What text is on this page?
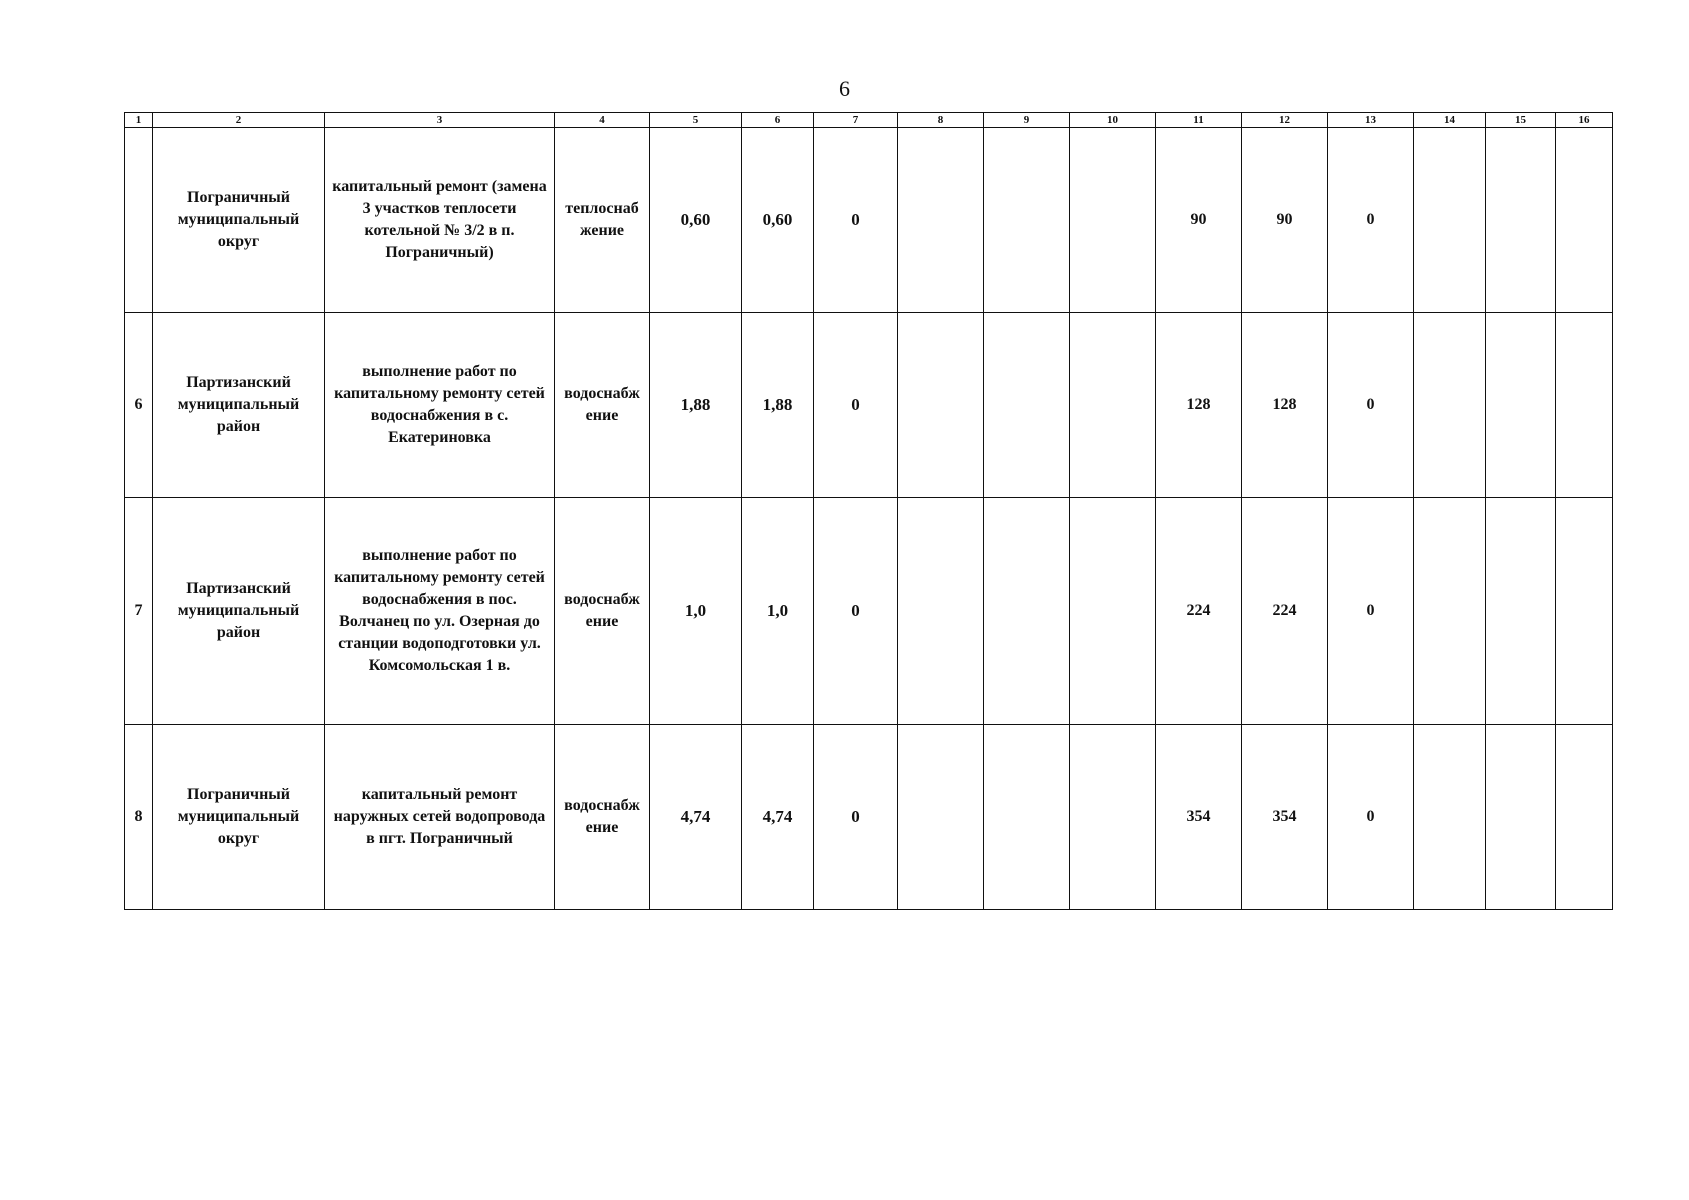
6
1	2	3	4	5	6	7	8	9	10	11	12	13	14	15	16
	Пограничный муниципальный округ	капитальный ремонт (замена 3 участков теплосети котельной № 3/2 в п. Пограничный)	теплоснаб жение	0,60	0,60	0				90	90	0			
6	Партизанский муниципальный район	выполнение работ по капитальному ремонту сетей водоснабжения в с. Екатериновка	водоснабж ение	1,88	1,88	0				128	128	0			
7	Партизанский муниципальный район	выполнение работ по капитальному ремонту сетей водоснабжения в пос. Волчанец по ул. Озерная до станции водоподготовки ул. Комсомольская 1 в.	водоснабж ение	1,0	1,0	0				224	224	0			
8	Пограничный муниципальный округ	капитальный ремонт наружных сетей водопровода в пгт. Пограничный	водоснабж ение	4,74	4,74	0				354	354	0			
